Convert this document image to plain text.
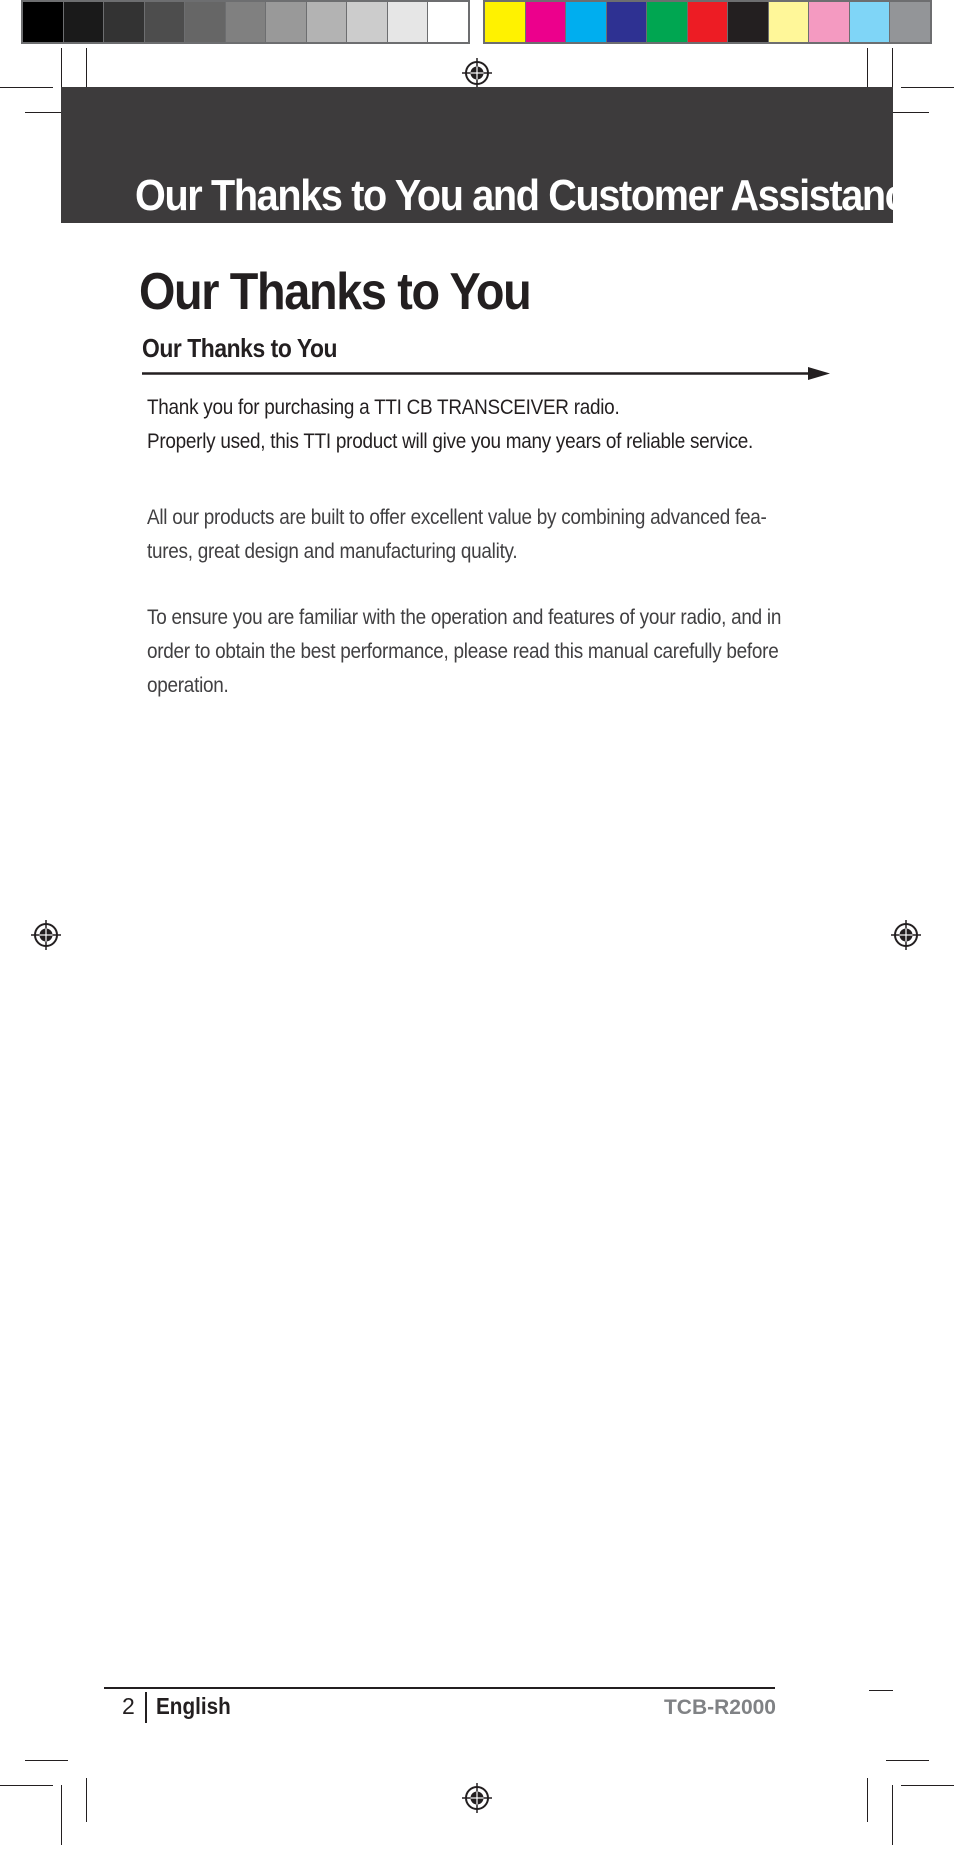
Our Thanks to You and Customer Assistance
Our Thanks to You
Our Thanks to You
Thank you for purchasing a TTI CB TRANSCEIVER radio.
Properly used, this TTI product will give you many years of reliable service.

All our products are built to offer excellent value by combining advanced fea-tures, great design and manufacturing quality.

To ensure you are familiar with the operation and features of your radio, and in order to obtain the best performance, please read this manual carefully before operation.

2 English	TCB-R2000
